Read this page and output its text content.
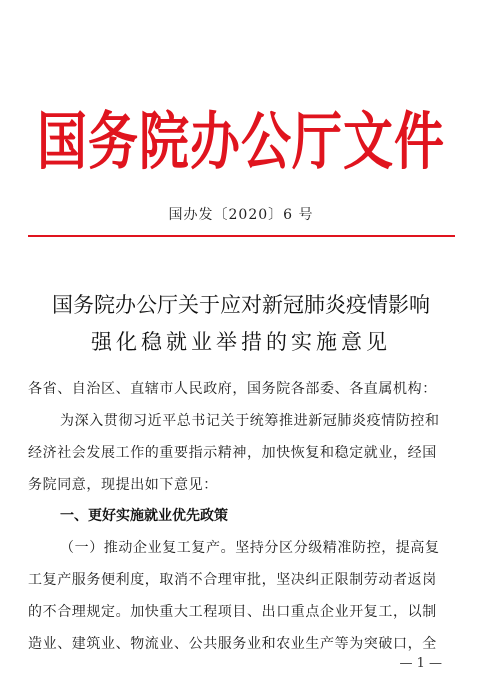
国务院办公厅文件
国办发〔2020〕6 号
国务院办公厅关于应对新冠肺炎疫情影响
强化稳就业举措的实施意见
各省、自治区、直辖市人民政府，国务院各部委、各直属机构：
为深入贯彻习近平总书记关于统筹推进新冠肺炎疫情防控和
经济社会发展工作的重要指示精神，加快恢复和稳定就业，经国
务院同意，现提出如下意见：
一、更好实施就业优先政策
（一）推动企业复工复产。坚持分区分级精准防控，提高复
工复产服务便利度，取消不合理审批，坚决纠正限制劳动者返岗
的不合理规定。加快重大工程项目、出口重点企业开复工，以制
造业、建筑业、物流业、公共服务业和农业生产等为突破口，全
— 1 —
